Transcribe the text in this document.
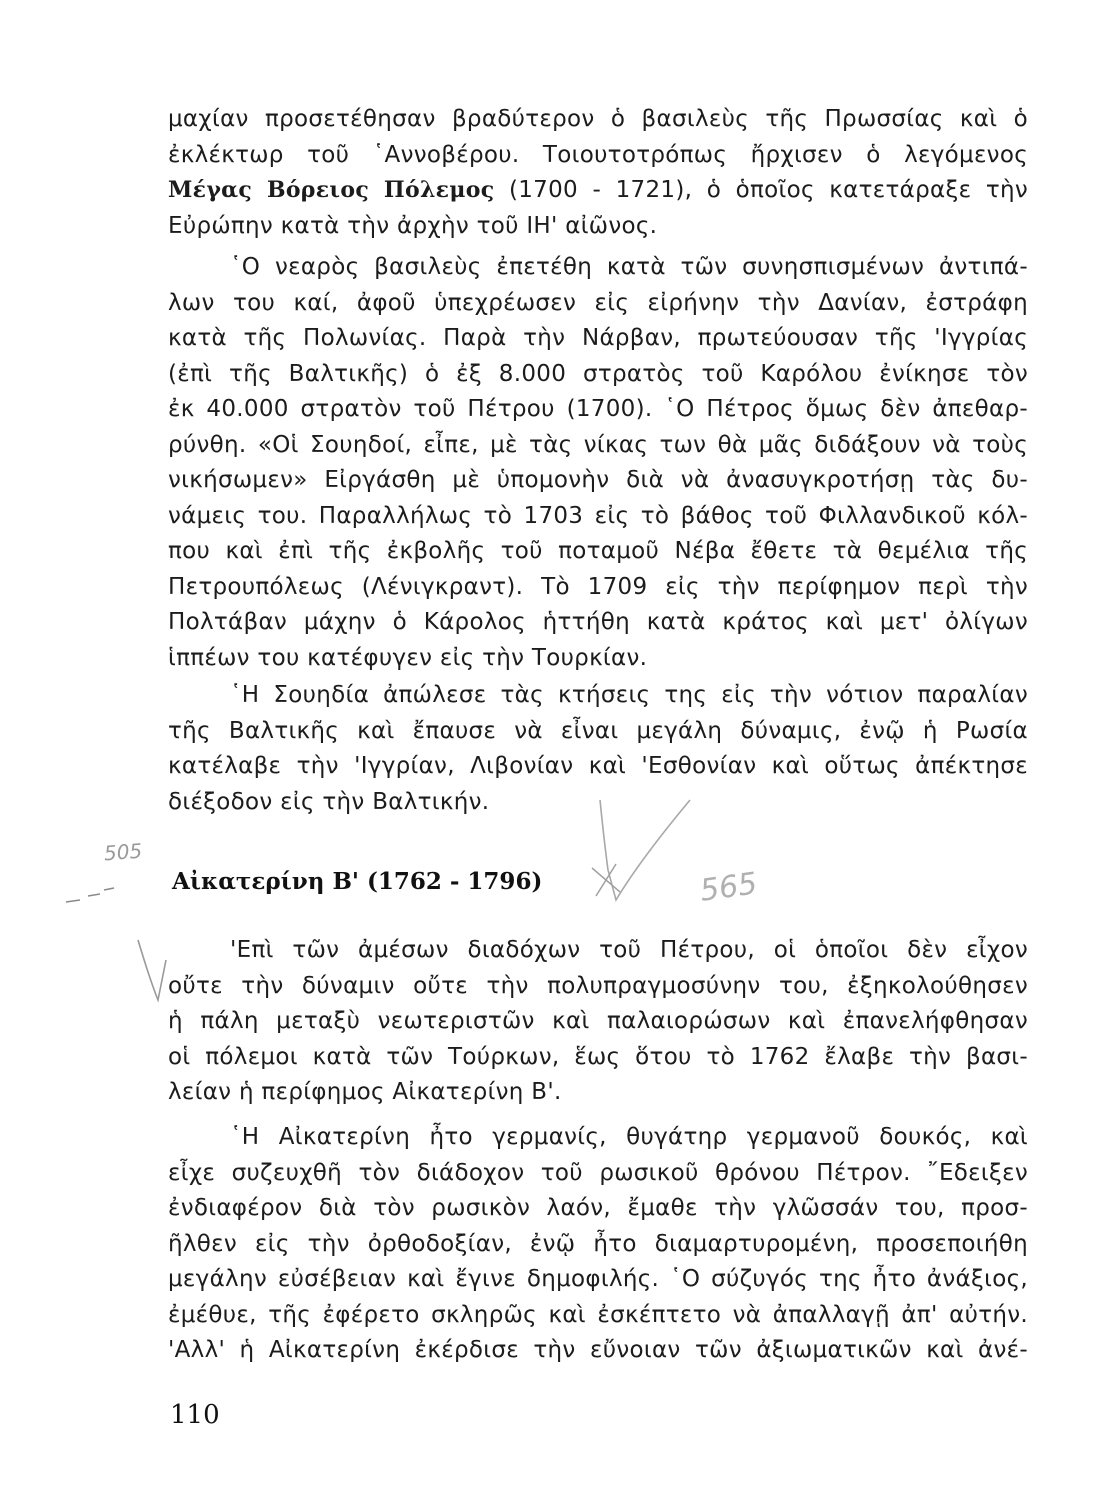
μαχίαν προσετέθησαν βραδύτερον ὁ βασιλεὺς τῆς Πρωσσίας καὶ ὁ
ἐκλέκτωρ τοῦ ῾Αννοβέρου. Τοιουτοτρόπως ἤρχισεν ὁ λεγόμενος
Μέγας Βόρειος Πόλεμος (1700 - 1721), ὁ ὁποῖος κατετάραξε τὴν
Εὐρώπην κατὰ τὴν ἀρχὴν τοῦ ΙΗ' αἰῶνος.
῾Ο νεαρὸς βασιλεὺς ἐπετέθη κατὰ τῶν συνησπισμένων ἀντιπά-
λων του καί, ἀφοῦ ὑπεχρέωσεν εἰς εἰρήνην τὴν Δανίαν, ἐστράφη
κατὰ τῆς Πολωνίας. Παρὰ τὴν Νάρβαν, πρωτεύουσαν τῆς 'Ιγγρίας
(ἐπὶ τῆς Βαλτικῆς) ὁ ἐξ 8.000 στρατὸς τοῦ Καρόλου ἐνίκησε τὸν
ἐκ 40.000 στρατὸν τοῦ Πέτρου (1700). ῾Ο Πέτρος ὅμως δὲν ἀπεθαρ-
ρύνθη. «Οἱ Σουηδοί, εἶπε, μὲ τὰς νίκας των θὰ μᾶς διδάξουν νὰ τοὺς
νικήσωμεν» Εἰργάσθη μὲ ὑπομονὴν διὰ νὰ ἀνασυγκροτήσῃ τὰς δυ-
νάμεις του. Παραλλήλως τὸ 1703 εἰς τὸ βάθος τοῦ Φιλλανδικοῦ κόλ-
που καὶ ἐπὶ τῆς ἐκβολῆς τοῦ ποταμοῦ Νέβα ἔθετε τὰ θεμέλια τῆς
Πετρουπόλεως (Λένιγκραντ). Τὸ 1709 εἰς τὴν περίφημον περὶ τὴν
Πολτάβαν μάχην ὁ Κάρολος ἡττήθη κατὰ κράτος καὶ μετ' ὀλίγων
ἱππέων του κατέφυγεν εἰς τὴν Τουρκίαν.
῾Η Σουηδία ἀπώλεσε τὰς κτήσεις της εἰς τὴν νότιον παραλίαν
τῆς Βαλτικῆς καὶ ἔπαυσε νὰ εἶναι μεγάλη δύναμις, ἐνῷ ἡ Ρωσία
κατέλαβε τὴν 'Ιγγρίαν, Λιβονίαν καὶ 'Εσθονίαν καὶ οὕτως ἀπέκτησε
διέξοδον εἰς τὴν Βαλτικήν.
Αἰκατερίνη Β' (1762 - 1796)
'Επὶ τῶν ἀμέσων διαδόχων τοῦ Πέτρου, οἱ ὁποῖοι δὲν εἶχον
οὔτε τὴν δύναμιν οὔτε τὴν πολυπραγμοσύνην του, ἐξηκολούθησεν
ἡ πάλη μεταξὺ νεωτεριστῶν καὶ παλαιορώσων καὶ ἐπανελήφθησαν
οἱ πόλεμοι κατὰ τῶν Τούρκων, ἕως ὅτου τὸ 1762 ἔλαβε τὴν βασι-
λείαν ἡ περίφημος Αἰκατερίνη Β'.
῾Η Αἰκατερίνη ἦτο γερμανίς, θυγάτηρ γερμανοῦ δουκός, καὶ
εἶχε συζευχθῆ τὸν διάδοχον τοῦ ρωσικοῦ θρόνου Πέτρον. ῎Εδειξεν
ἐνδιαφέρον διὰ τὸν ρωσικὸν λαόν, ἔμαθε τὴν γλῶσσάν του, προσ-
ῆλθεν εἰς τὴν ὀρθοδοξίαν, ἐνῷ ἦτο διαμαρτυρομένη, προσεποιήθη
μεγάλην εὐσέβειαν καὶ ἔγινε δημοφιλής. ῾Ο σύζυγός της ἦτο ἀνάξιος,
ἐμέθυε, τῆς ἐφέρετο σκληρῶς καὶ ἐσκέπτετο νὰ ἀπαλλαγῇ ἀπ' αὐτήν.
'Αλλ' ἡ Αἰκατερίνη ἐκέρδισε τὴν εὔνοιαν τῶν ἀξιωματικῶν καὶ ἀνέ-
110
505
565
